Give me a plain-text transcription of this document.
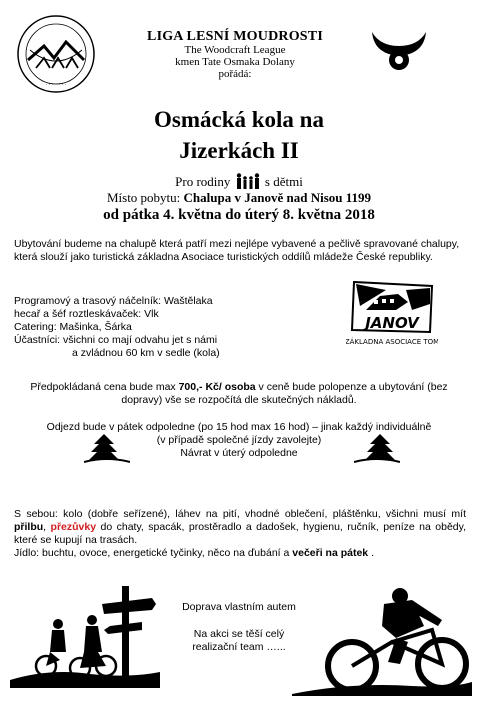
· · · · · · ·
LIGA LESNÍ MOUDROSTI
The Woodcraft League
kmen Tate Osmaka Dolany
pořádá:
Osmácká kola na
Jizerkách II
Pro rodiny	s dětmi
Místo pobytu: Chalupa v Janově nad Nisou 1199
od pátka 4. května do úterý 8. května 2018
Ubytování budeme na chalupě která patří mezi nejlépe vybavené a pečlivě spravované chalupy, která slouží jako turistická základna Asociace turistických oddílů mládeže České republiky.
Programový a trasový náčelník: Waštělaka
hecař a šéf roztleskávaček: Vlk
Catering: Mašinka, Šárka
Účastníci: všichni co mají odvahu jet s námi
a zvládnou 60 km v sedle (kola)
JANOV
ZÁKLADNA ASOCIACE TOM
Předpokládaná cena bude max 700,- Kč/ osoba v ceně bude polopenze a ubytování (bez dopravy) vše se rozpočítá dle skutečných nákladů.
Odjezd bude v pátek odpoledne (po 15 hod max 16 hod) – jinak každý individuálně
(v případě společné jízdy zavolejte)
Návrat v úterý odpoledne
S sebou: kolo (dobře seřízené), láhev na pití, vhodné oblečení, pláštěnku, všichni musí mít přilbu, přezůvky do chaty, spacák, prostěradlo a dadošek, hygienu, ručník, peníze na obědy, které se kupují na trasách.
Jídlo: buchtu, ovoce, energetické tyčinky, něco na ďubání a večeři na pátek .
Doprava vlastním autem
Na akci se těší celý
realizační team …...
